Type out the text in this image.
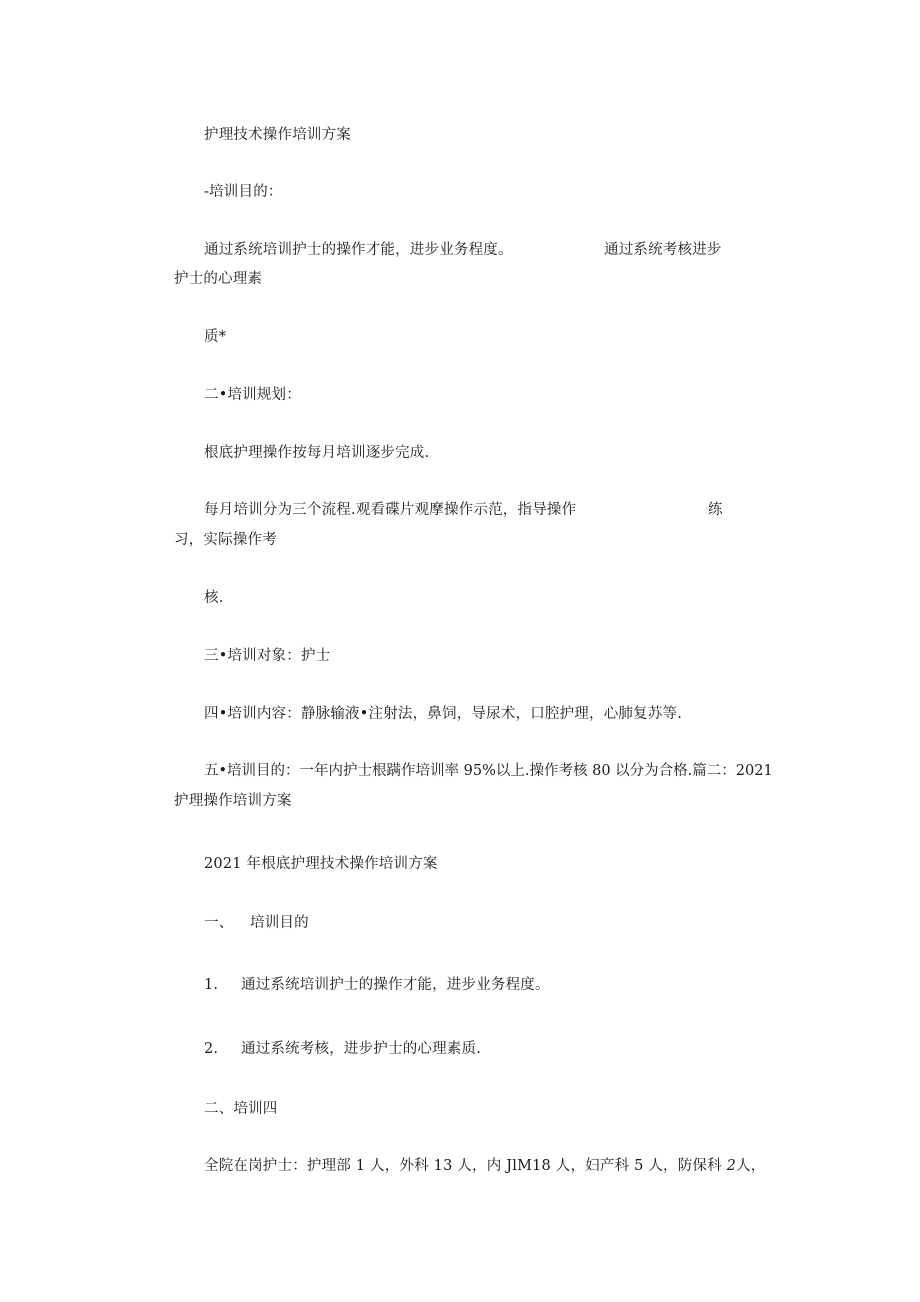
护理技术操作培训方案
-培训目的：
通过系统培训护士的操作才能，进步业务程度。	通过系统考核进步
护士的心理素
质*
二•培训规划：
根底护理操作按每月培训逐步完成.
每月培训分为三个流程.观看碟片观摩操作示范，指导操作	练
习，实际操作考
核.
三•培训对象：护士
四•培训内容：静脉输液•注射法，鼻饲，导尿术，口腔护理，心肺复苏等.
五•培训目的：一年内护士根蹒作培训率 95%以上.操作考核 80 以分为合格.篇二：2021
护理操作培训方案
2021 年根底护理技术操作培训方案
一、 培训目的
1. 通过系统培训护士的操作才能，进步业务程度。
2. 通过系统考核，进步护士的心理素质.
二、培训四
全院在岗护士：护理部 1 人，外科 13 人，内 JlM18 人，妇产科 5 人，防保科 2人，
